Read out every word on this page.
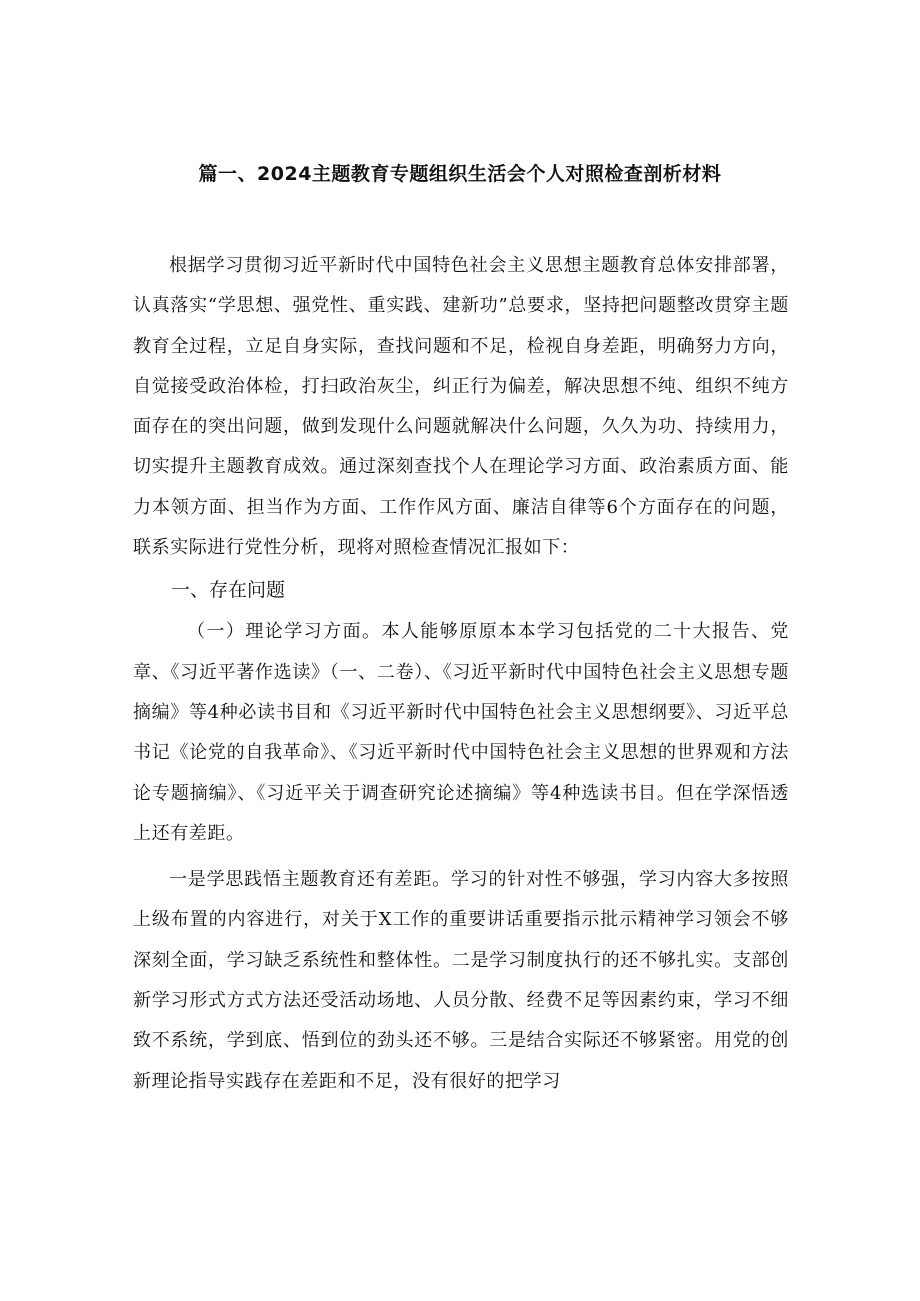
篇一、2024主题教育专题组织生活会个人对照检查剖析材料

根据学习贯彻习近平新时代中国特色社会主义思想主题教育总体安排部署，认真落实“学思想、强党性、重实践、建新功”总要求，坚持把问题整改贯穿主题教育全过程，立足自身实际，查找问题和不足，检视自身差距，明确努力方向，自觉接受政治体检，打扫政治灰尘，纠正行为偏差，解决思想不纯、组织不纯方面存在的突出问题，做到发现什么问题就解决什么问题，久久为功、持续用力，切实提升主题教育成效。通过深刻查找个人在理论学习方面、政治素质方面、能力本领方面、担当作为方面、工作作风方面、廉洁自律等6个方面存在的问题，联系实际进行党性分析，现将对照检查情况汇报如下：

一、存在问题

（一）理论学习方面。本人能够原原本本学习包括党的二十大报告、党章、《习近平著作选读》（一、二卷）、《习近平新时代中国特色社会主义思想专题摘编》等4种必读书目和《习近平新时代中国特色社会主义思想纲要》、习近平总书记《论党的自我革命》、《习近平新时代中国特色社会主义思想的世界观和方法论专题摘编》、《习近平关于调查研究论述摘编》等4种选读书目。但在学深悟透上还有差距。

一是学思践悟主题教育还有差距。学习的针对性不够强，学习内容大多按照上级布置的内容进行，对关于X工作的重要讲话重要指示批示精神学习领会不够深刻全面，学习缺乏系统性和整体性。二是学习制度执行的还不够扎实。支部创新学习形式方式方法还受活动场地、人员分散、经费不足等因素约束，学习不细致不系统，学到底、悟到位的劲头还不够。三是结合实际还不够紧密。用党的创新理论指导实践存在差距和不足，没有很好的把学习
